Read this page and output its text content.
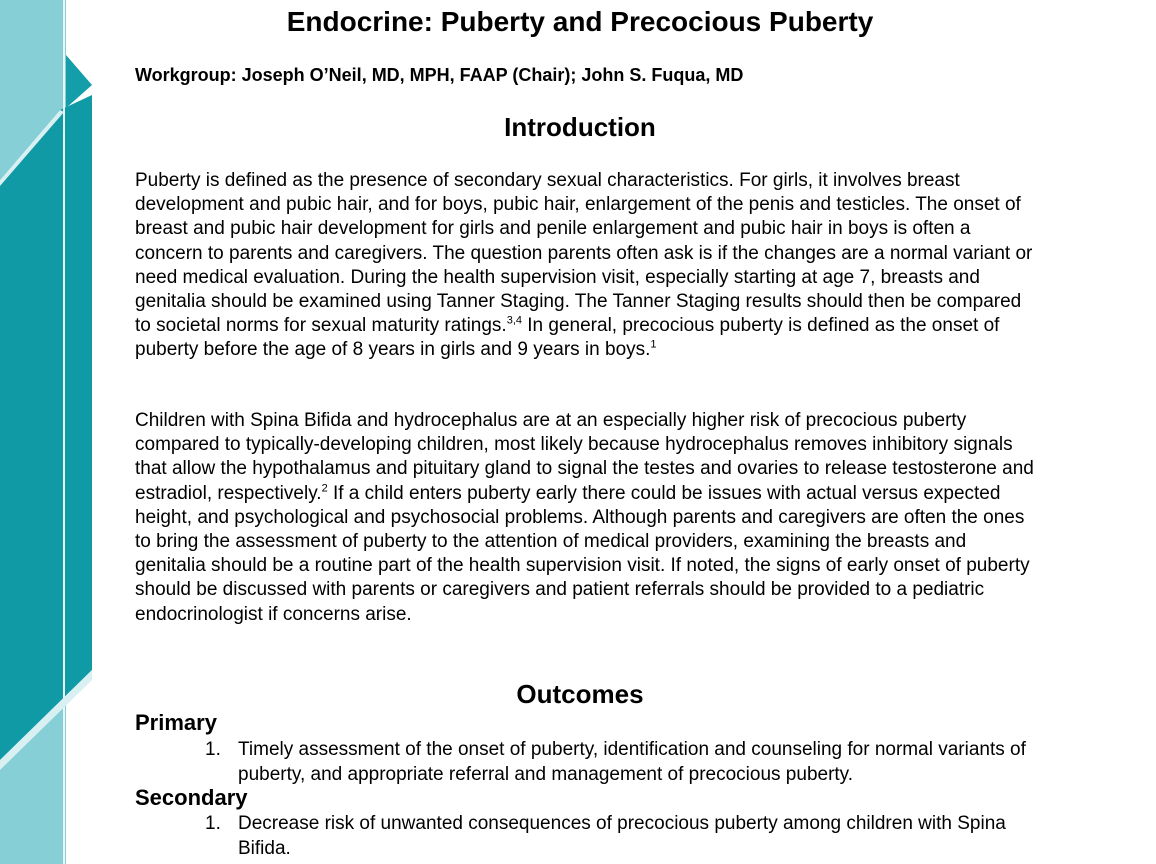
Endocrine: Puberty and Precocious Puberty

Workgroup: Joseph O’Neil, MD, MPH, FAAP (Chair); John S. Fuqua, MD

Introduction

Puberty is defined as the presence of secondary sexual characteristics. For girls, it involves breast development and pubic hair, and for boys, pubic hair, enlargement of the penis and testicles. The onset of breast and pubic hair development for girls and penile enlargement and pubic hair in boys is often a concern to parents and caregivers. The question parents often ask is if the changes are a normal variant or need medical evaluation. During the health supervision visit, especially starting at age 7, breasts and genitalia should be examined using Tanner Staging. The Tanner Staging results should then be compared to societal norms for sexual maturity ratings.$^{3,4}$ In general, precocious puberty is defined as the onset of puberty before the age of 8 years in girls and 9 years in boys.$^1$

Children with Spina Bifida and hydrocephalus are at an especially higher risk of precocious puberty compared to typically-developing children, most likely because hydrocephalus removes inhibitory signals that allow the hypothalamus and pituitary gland to signal the testes and ovaries to release testosterone and estradiol, respectively.$^2$ If a child enters puberty early there could be issues with actual versus expected height, and psychological and psychosocial problems. Although parents and caregivers are often the ones to bring the assessment of puberty to the attention of medical providers, examining the breasts and genitalia should be a routine part of the health supervision visit. If noted, the signs of early onset of puberty should be discussed with parents or caregivers and patient referrals should be provided to a pediatric endocrinologist if concerns arise.

Outcomes
Primary
1. Timely assessment of the onset of puberty, identification and counseling for normal variants of puberty, and appropriate referral and management of precocious puberty.
Secondary
1. Decrease risk of unwanted consequences of precocious puberty among children with Spina Bifida.
